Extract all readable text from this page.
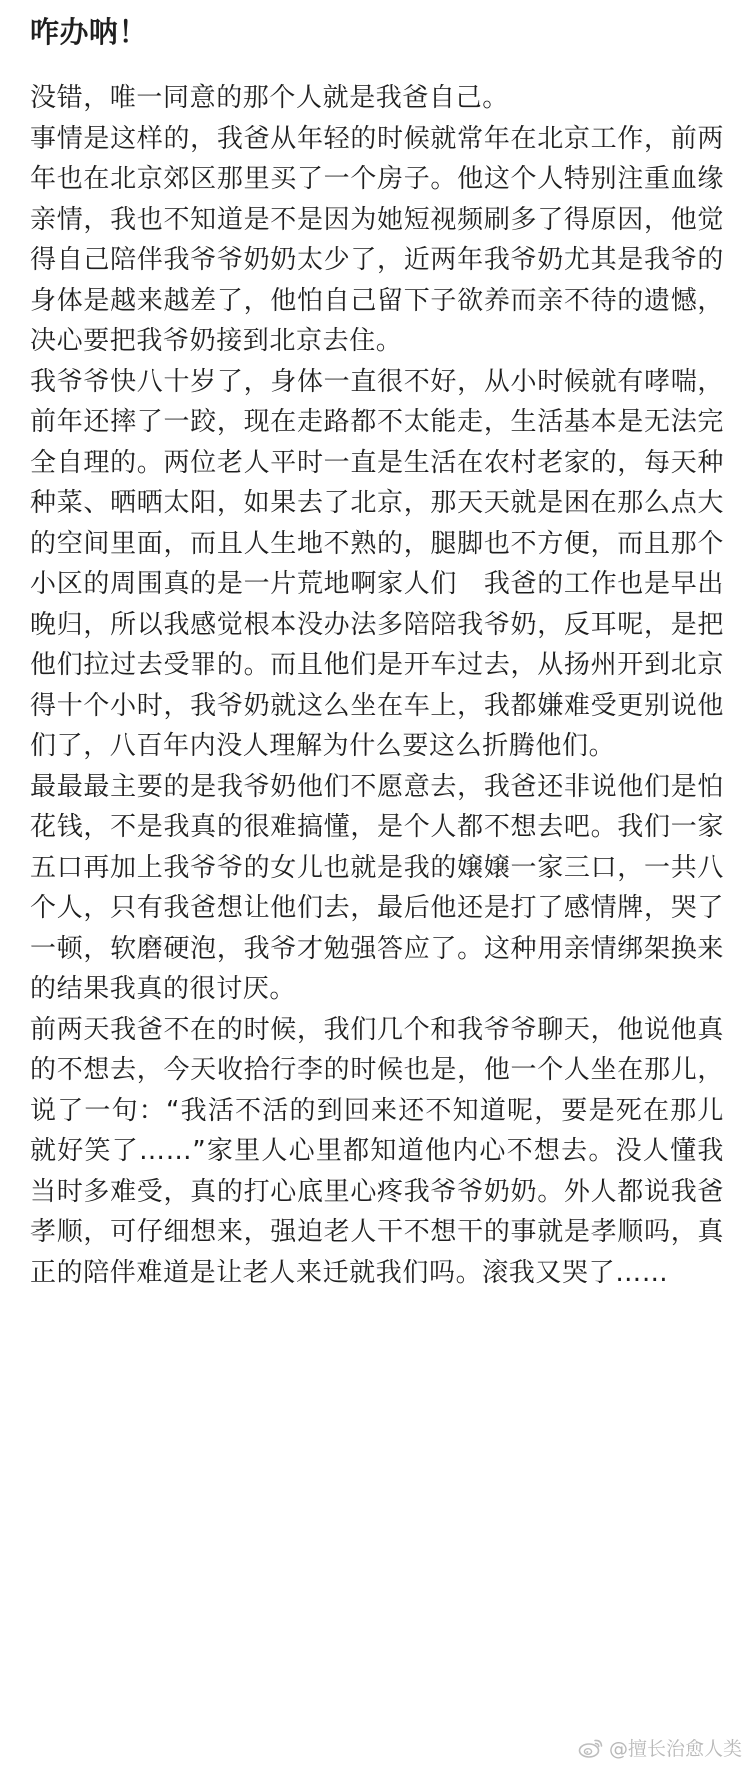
咋办呐！

没错，唯一同意的那个人就是我爸自己。

事情是这样的，我爸从年轻的时候就常年在北京工作，前两年也在北京郊区那里买了一个房子。他这个人特别注重血缘亲情，我也不知道是不是因为她短视频刷多了得原因，他觉得自己陪伴我爷爷奶奶太少了，近两年我爷奶尤其是我爷的身体是越来越差了，他怕自己留下子欲养而亲不待的遗憾，决心要把我爷奶接到北京去住。

我爷爷快八十岁了，身体一直很不好，从小时候就有哮喘，前年还摔了一跤，现在走路都不太能走，生活基本是无法完全自理的。两位老人平时一直是生活在农村老家的，每天种种菜、晒晒太阳，如果去了北京，那天天就是困在那么点大的空间里面，而且人生地不熟的，腿脚也不方便，而且那个小区的周围真的是一片荒地啊家人们　我爸的工作也是早出晚归，所以我感觉根本没办法多陪陪我爷奶，反耳呢，是把他们拉过去受罪的。而且他们是开车过去，从扬州开到北京得十个小时，我爷奶就这么坐在车上，我都嫌难受更别说他们了，八百年内没人理解为什么要这么折腾他们。

最最最主要的是我爷奶他们不愿意去，我爸还非说他们是怕花钱，不是我真的很难搞懂，是个人都不想去吧。我们一家五口再加上我爷爷的女儿也就是我的嬢嬢一家三口，一共八个人，只有我爸想让他们去，最后他还是打了感情牌，哭了一顿，软磨硬泡，我爷才勉强答应了。这种用亲情绑架换来的结果我真的很讨厌。

前两天我爸不在的时候，我们几个和我爷爷聊天，他说他真的不想去，今天收拾行李的时候也是，他一个人坐在那儿，说了一句：“我活不活的到回来还不知道呢，要是死在那儿就好笑了……”家里人心里都知道他内心不想去。没人懂我当时多难受，真的打心底里心疼我爷爷奶奶。外人都说我爸孝顺，可仔细想来，强迫老人干不想干的事就是孝顺吗，真正的陪伴难道是让老人来迁就我们吗。滚我又哭了……

@擅长治愈人类
